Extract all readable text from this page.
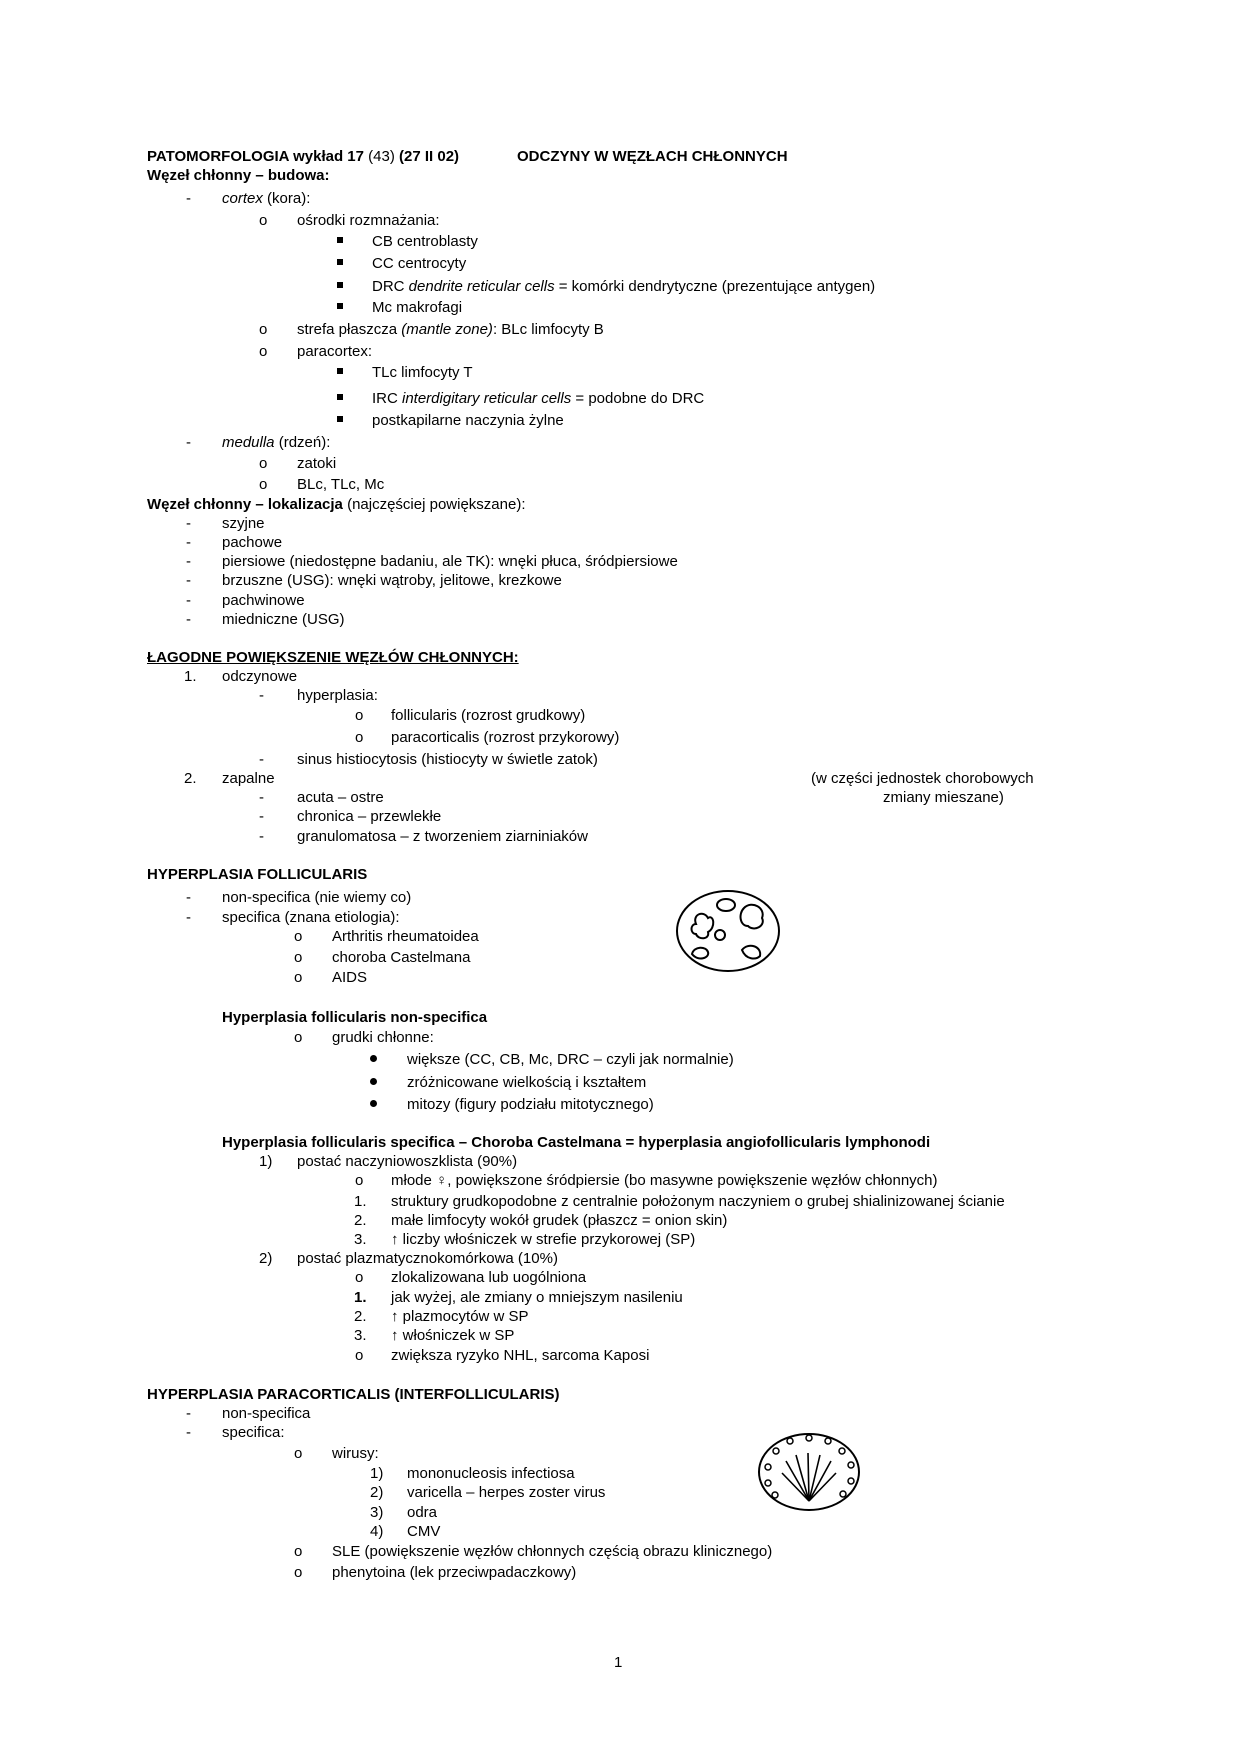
PATOMORFOLOGIA wykład 17 (43) (27 II 02)	ODCZYNY W WĘZŁACH CHŁONNYCH
Węzeł chłonny – budowa:
- cortex (kora):
o ośrodki rozmnażania:
CB centroblasty
CC centrocyty
DRC dendrite reticular cells = komórki dendrytyczne (prezentujące antygen)
Mc makrofagi
o strefa płaszcza (mantle zone): BLc limfocyty B
o paracortex:
TLc limfocyty T
IRC interdigitary reticular cells = podobne do DRC
postkapilarne naczynia żylne
- medulla (rdzeń):
o zatoki
o BLc, TLc, Mc
Węzeł chłonny – lokalizacja (najczęściej powiększane):
- szyjne
- pachowe
- piersiowe (niedostępne badaniu, ale TK): wnęki płuca, śródpiersiowe
- brzuszne (USG): wnęki wątroby, jelitowe, krezkowe
- pachwinowe
- miedniczne (USG)
ŁAGODNE POWIĘKSZENIE WĘZŁÓW CHŁONNYCH:
1. odczynowe
- hyperplasia:
o follicularis (rozrost grudkowy)
o paracorticalis (rozrost przykorowy)
- sinus histiocytosis (histiocyty w świetle zatok)
2. zapalne	(w części jednostek chorobowych
zmiany mieszane)
- acuta – ostre
- chronica – przewlekłe
- granulomatosa – z tworzeniem ziarniniaków
HYPERPLASIA FOLLICULARIS
- non-specifica (nie wiemy co)
- specifica (znana etiologia):
o Arthritis rheumatoidea
o choroba Castelmana
o AIDS
Hyperplasia follicularis non-specifica
o grudki chłonne:
większe (CC, CB, Mc, DRC – czyli jak normalnie)
zróżnicowane wielkością i kształtem
mitozy (figury podziału mitotycznego)
Hyperplasia follicularis specifica – Choroba Castelmana = hyperplasia angiofollicularis lymphonodi
1) postać naczyniowoszklista (90%)
o młode ♀, powiększone śródpiersie (bo masywne powiększenie węzłów chłonnych)
1. struktury grudkopodobne z centralnie położonym naczyniem o grubej shialinizowanej ścianie
2. małe limfocyty wokół grudek (płaszcz = onion skin)
3. ↑ liczby włośniczek w strefie przykorowej (SP)
2) postać plazmatycznokomórkowa (10%)
o zlokalizowana lub uogólniona
1. jak wyżej, ale zmiany o mniejszym nasileniu
2. ↑ plazmocytów w SP
3. ↑ włośniczek w SP
o zwiększa ryzyko NHL, sarcoma Kaposi
HYPERPLASIA PARACORTICALIS (INTERFOLLICULARIS)
- non-specifica
- specifica:
o wirusy:
1) mononucleosis infectiosa
2) varicella – herpes zoster virus
3) odra
4) CMV
o SLE (powiększenie węzłów chłonnych częścią obrazu klinicznego)
o phenytoina (lek przeciwpadaczkowy)
1
